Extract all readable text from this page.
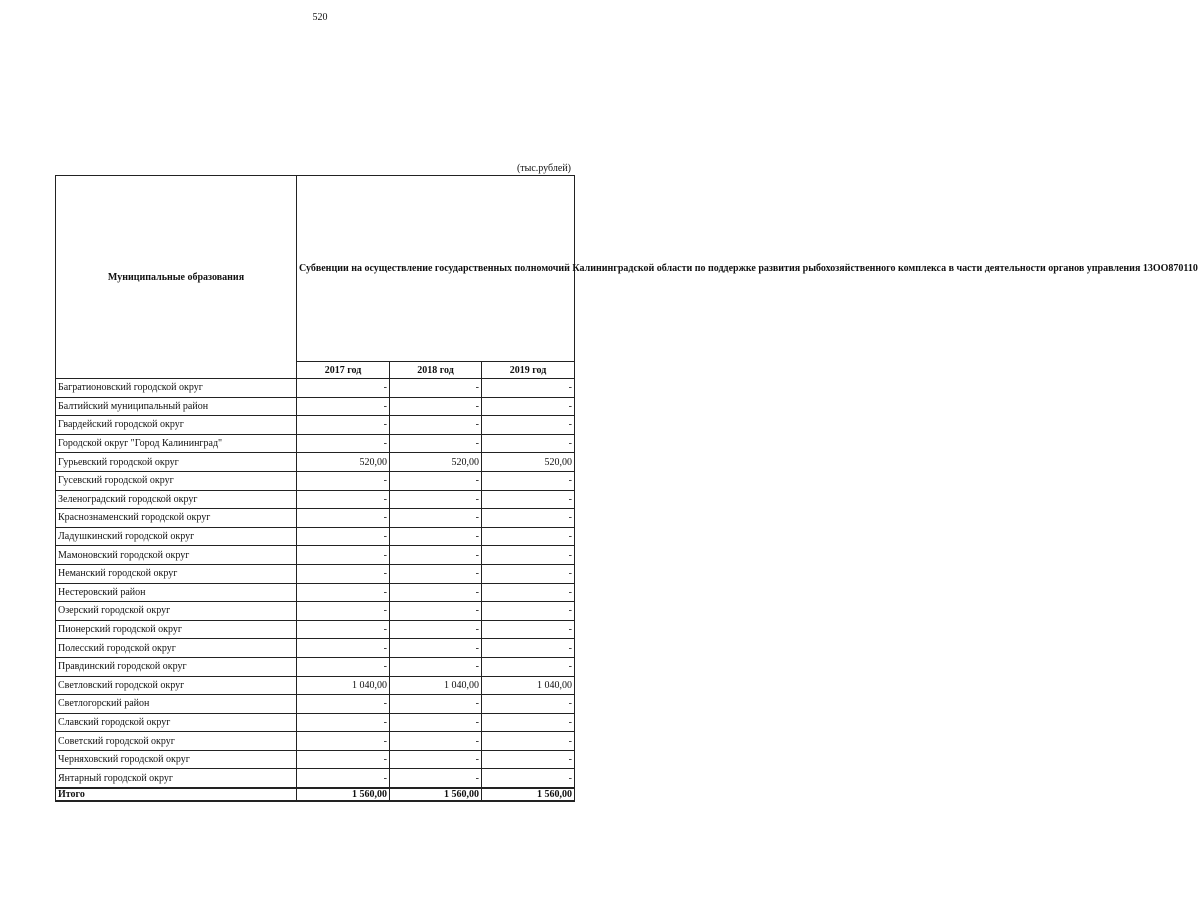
520
(тыс.рублей)
Муниципальные образования	Субвенции на осуществление государственных полномочий Калининградской области по поддержке развития рыбохозяйственного комплекса в части деятельности органов управления 13ОО870110		
	2017 год	2018 год	2019 год
Багратионовский городской округ	-	-	-
Балтийский муниципальный район	-	-	-
Гвардейский городской округ	-	-	-
Городской округ "Город Калининград"	-	-	-
Гурьевский городской округ	520,00	520,00	520,00
Гусевский городской округ	-	-	-
Зеленоградский городской округ	-	-	-
Краснознаменский городской округ	-	-	-
Ладушкинский городской округ	-	-	-
Мамоновский городской округ	-	-	-
Неманский городской округ	-	-	-
Нестеровский район	-	-	-
Озерский городской округ	-	-	-
Пионерский городской округ	-	-	-
Полесский городской округ	-	-	-
Правдинский городской округ	-	-	-
Светловский городской округ	1 040,00	1 040,00	1 040,00
Светлогорский район	-	-	-
Славский городской округ	-	-	-
Советский городской округ	-	-	-
Черняховский городской округ	-	-	-
Янтарный городской округ	-	-	-
Итого	1 560,00	1 560,00	1 560,00
